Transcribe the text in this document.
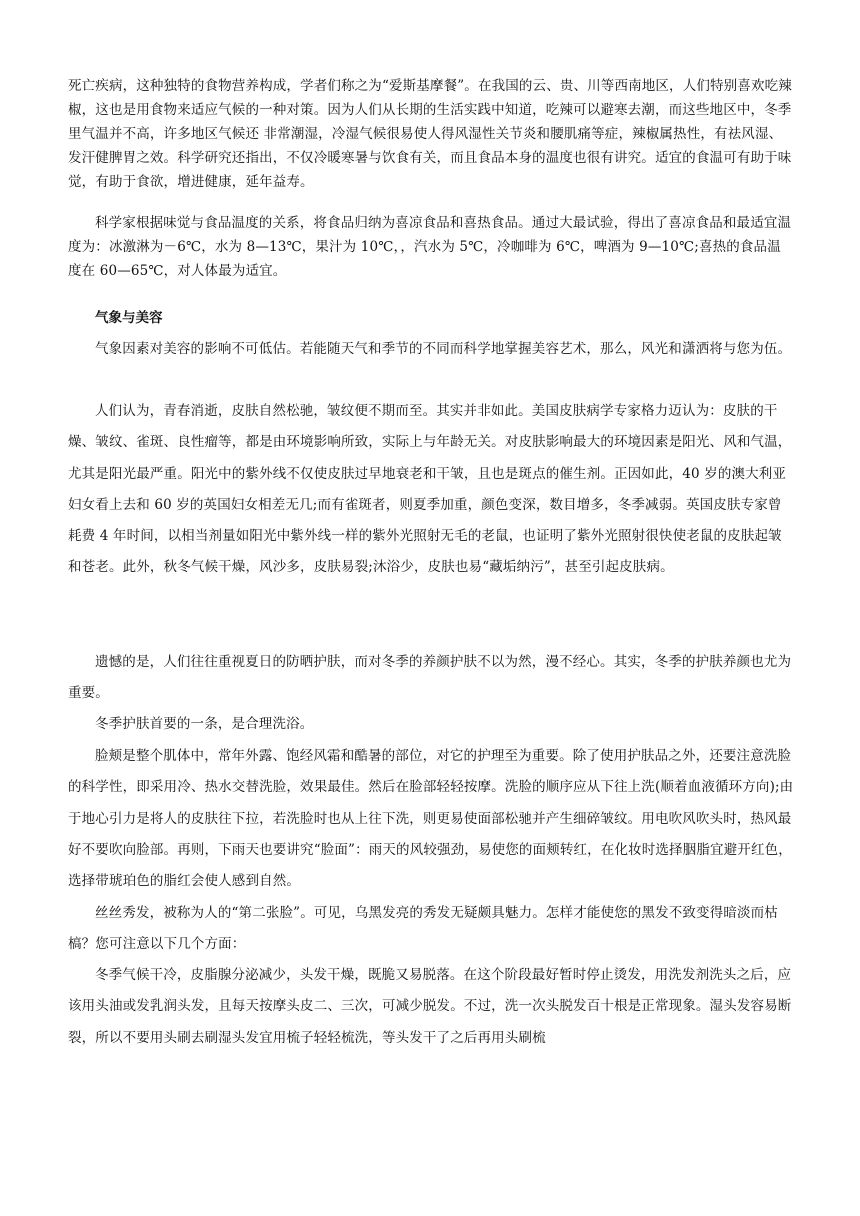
死亡疾病，这种独特的食物营养构成，学者们称之为“爱斯基摩餐”。在我国的云、贵、川等西南地区，人们特别喜欢吃辣椒，这也是用食物来适应气候的一种对策。因为人们从长期的生活实践中知道，吃辣可以避寒去潮，而这些地区中，冬季里气温并不高，许多地区气候还 非常潮湿，冷湿气候很易使人得风湿性关节炎和腰肌痛等症，辣椒属热性，有祛风湿、发汗健脾胃之效。科学研究还指出，不仅冷暖寒暑与饮食有关，而且食品本身的温度也很有讲究。适宜的食温可有助于味觉，有助于食欲，增进健康，延年益寿。

科学家根据味觉与食品温度的关系，将食品归纳为喜凉食品和喜热食品。通过大最试验，得出了喜凉食品和最适宜温度为：冰激淋为－6℃，水为 8—13℃，果汁为 10℃，，汽水为 5℃，冷咖啡为 6℃，啤酒为 9—10℃;喜热的食品温度在 60—65℃，对人体最为适宜。

气象与美容

气象因素对美容的影响不可低估。若能随天气和季节的不同而科学地掌握美容艺术，那么，风光和潇洒将与您为伍。

人们认为，青春消逝，皮肤自然松驰，皱纹便不期而至。其实并非如此。美国皮肤病学专家格力迈认为：皮肤的干燥、皱纹、雀斑、良性瘤等，都是由环境影响所致，实际上与年龄无关。对皮肤影响最大的环境因素是阳光、风和气温，尤其是阳光最严重。阳光中的紫外线不仅使皮肤过早地衰老和干皱，且也是斑点的催生剂。正因如此，40 岁的澳大利亚妇女看上去和 60 岁的英国妇女相差无几;而有雀斑者，则夏季加重，颜色变深，数目增多，冬季减弱。英国皮肤专家曾耗费 4 年时间，以相当剂量如阳光中紫外线一样的紫外光照射无毛的老鼠，也证明了紫外光照射很快使老鼠的皮肤起皱和苍老。此外，秋冬气候干燥，风沙多，皮肤易裂;沐浴少，皮肤也易“藏垢纳污”，甚至引起皮肤病。

遗憾的是，人们往往重视夏日的防晒护肤，而对冬季的养颜护肤不以为然，漫不经心。其实，冬季的护肤养颜也尤为重要。

冬季护肤首要的一条，是合理洗浴。

脸颊是整个肌体中，常年外露、饱经风霜和酷暑的部位，对它的护理至为重要。除了使用护肤品之外，还要注意洗脸的科学性，即采用冷、热水交替洗脸，效果最佳。然后在脸部轻轻按摩。洗脸的顺序应从下往上洗(顺着血液循环方向);由于地心引力是将人的皮肤往下拉，若洗脸时也从上往下洗，则更易使面部松驰并产生细碎皱纹。用电吹风吹头时，热风最好不要吹向脸部。再则，下雨天也要讲究“脸面”：雨天的风较强劲，易使您的面颊转红，在化妆时选择胭脂宜避开红色，选择带琥珀色的脂红会使人感到自然。

丝丝秀发，被称为人的“第二张脸”。可见，乌黑发亮的秀发无疑颇具魅力。怎样才能使您的黑发不致变得暗淡而枯槁？您可注意以下几个方面：

冬季气候干冷，皮脂腺分泌减少，头发干燥，既脆又易脱落。在这个阶段最好暂时停止烫发，用洗发剂洗头之后，应该用头油或发乳润头发，且每天按摩头皮二、三次，可减少脱发。不过，洗一次头脱发百十根是正常现象。湿头发容易断裂，所以不要用头刷去刷湿头发宜用梳子轻轻梳洗，等头发干了之后再用头刷梳
